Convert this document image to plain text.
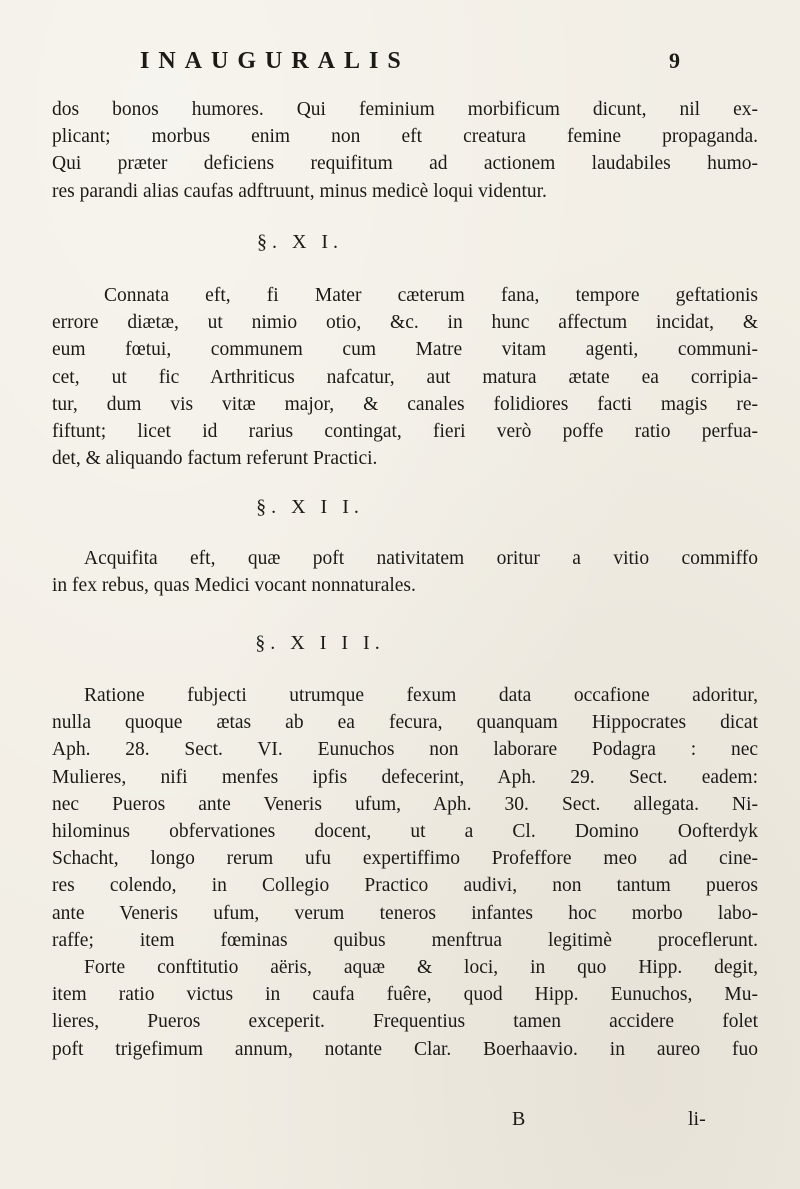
INAUGURALIS	9
dos bonos humores. Qui feminium morbificum dicunt, nil ex-
plicant; morbus enim non eft creatura femine propaganda.
Qui præter deficiens requifitum ad actionem laudabiles humo-
res parandi alias caufas adftruunt, minus medicè loqui videntur.
§. X I.
Connata eft, fi Mater cæterum fana, tempore geftationis
errore diætæ, ut nimio otio, &c. in hunc affectum incidat, &
eum fœtui, communem cum Matre vitam agenti, communi-
cet, ut fic Arthriticus nafcatur, aut matura ætate ea corripia-
tur, dum vis vitæ major, & canales folidiores facti magis re-
fiftunt; licet id rarius contingat, fieri verò poffe ratio perfua-
det, & aliquando factum referunt Practici.
§. X I I.
Acquifita eft, quæ poft nativitatem oritur a vitio commiffo
in fex rebus, quas Medici vocant nonnaturales.
§. X I I I.
Ratione fubjecti utrumque fexum data occafione adoritur,
nulla quoque ætas ab ea fecura, quanquam Hippocrates dicat
Aph. 28. Sect. VI. Eunuchos non laborare Podagra : nec
Mulieres, nifi menfes ipfis defecerint, Aph. 29. Sect. eadem:
nec Pueros ante Veneris ufum, Aph. 30. Sect. allegata. Ni-
hilominus obfervationes docent, ut a Cl. Domino Oofterdyk
Schacht, longo rerum ufu expertiffimo Profeffore meo ad cine-
res colendo, in Collegio Practico audivi, non tantum pueros
ante Veneris ufum, verum teneros infantes hoc morbo labo-
raffe; item fœminas quibus menftrua legitimè proceflerunt.
Forte conftitutio aëris, aquæ & loci, in quo Hipp. degit,
item ratio victus in caufa fuêre, quod Hipp. Eunuchos, Mu-
lieres, Pueros exceperit. Frequentius tamen accidere folet
poft trigefimum annum, notante Clar. Boerhaavio. in aureo fuo
B	li-
